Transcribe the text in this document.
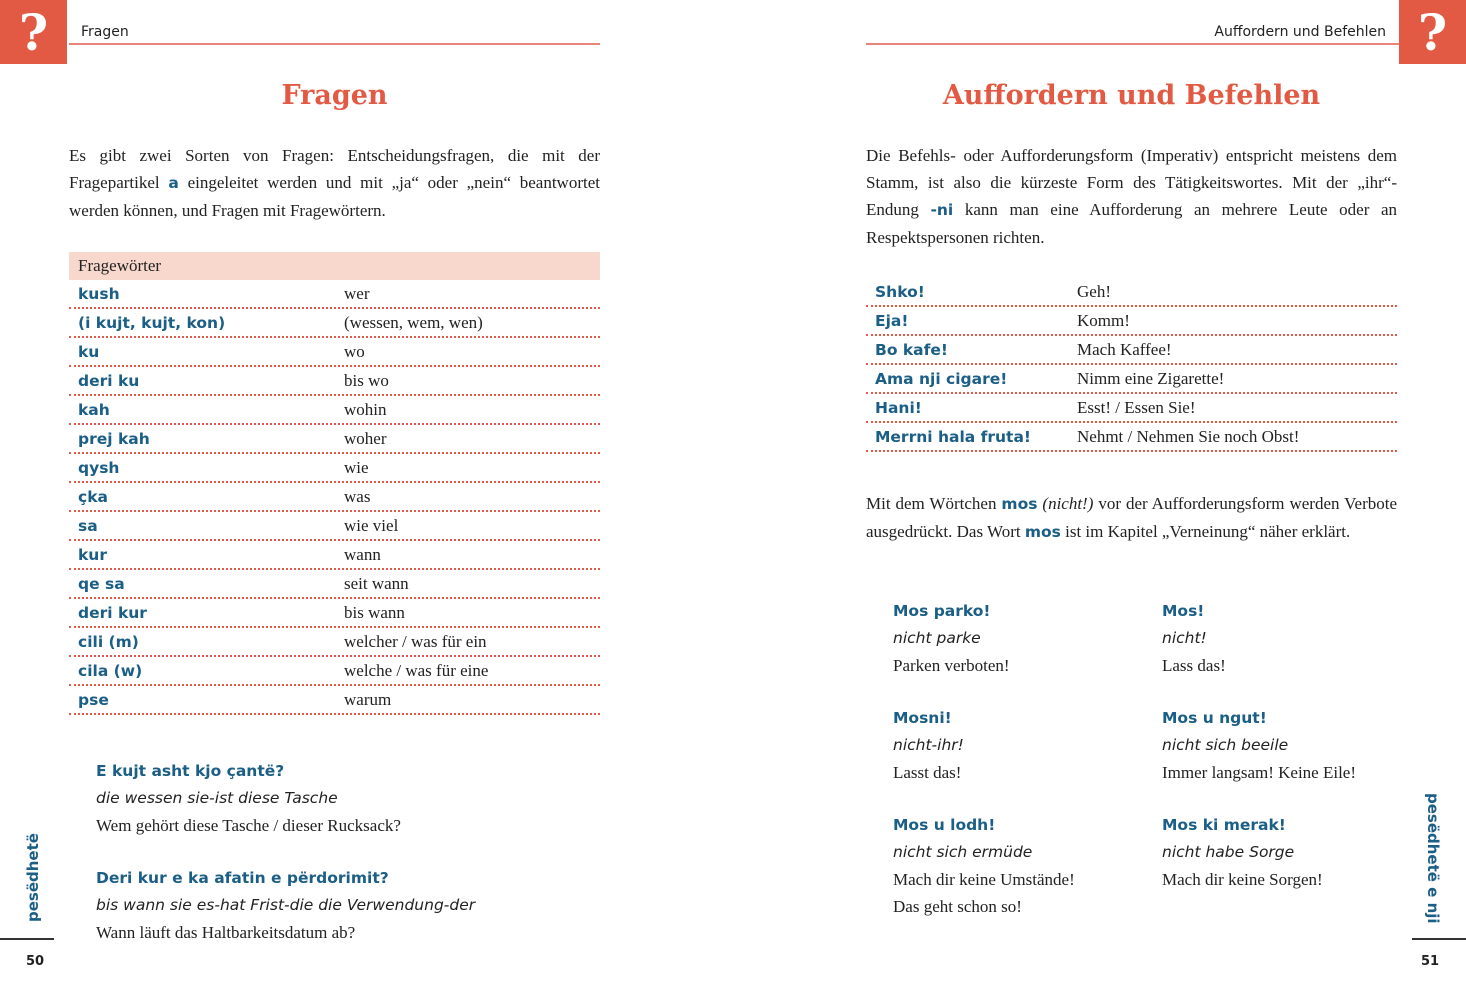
?	Fragen
Fragen
Es gibt zwei Sorten von Fragen: Entscheidungsfragen, die mit der Fragepartikel a eingeleitet werden und mit „ja“ oder „nein“ beantwortet werden können, und Fragen mit Fragewörtern.
Fragewörter
kush	wer
(i kujt, kujt, kon)	(wessen, wem, wen)
ku	wo
deri ku	bis wo
kah	wohin
prej kah	woher
qysh	wie
çka	was
sa	wie viel
kur	wann
qe sa	seit wann
deri kur	bis wann
cili (m)	welcher / was für ein
cila (w)	welche / was für eine
pse	warum
E kujt asht kjo çantë?
die wessen sie-ist diese Tasche
Wem gehört diese Tasche / dieser Rucksack?
Deri kur e ka afatin e përdorimit?
bis wann sie es-hat Frist-die die Verwendung-der
Wann läuft das Haltbarkeitsdatum ab?
pesëdhetë
50
?
Auffordern und Befehlen
Auffordern und Befehlen
Die Befehls- oder Aufforderungsform (Imperativ) entspricht meistens dem Stamm, ist also die kürzeste Form des Tätigkeitswortes. Mit der „ihr“-Endung -ni kann man eine Aufforderung an mehrere Leute oder an Respektspersonen richten.
Shko!	Geh!
Eja!	Komm!
Bo kafe!	Mach Kaffee!
Ama nji cigare!	Nimm eine Zigarette!
Hani!	Esst! / Essen Sie!
Merrni hala fruta!	Nehmt / Nehmen Sie noch Obst!
Mit dem Wörtchen mos (nicht!) vor der Aufforderungsform werden Verbote ausgedrückt. Das Wort mos ist im Kapitel „Verneinung“ näher erklärt.
Mos parko!
nicht parke
Parken verboten!
Mosni!
nicht-ihr!
Lasst das!
Mos u lodh!
nicht sich ermüde
Mach dir keine Umstände!
Das geht schon so!
Mos!
nicht!
Lass das!
Mos u ngut!
nicht sich beeile
Immer langsam! Keine Eile!
Mos ki merak!
nicht habe Sorge
Mach dir keine Sorgen!	pesëdhetë e nji
51
